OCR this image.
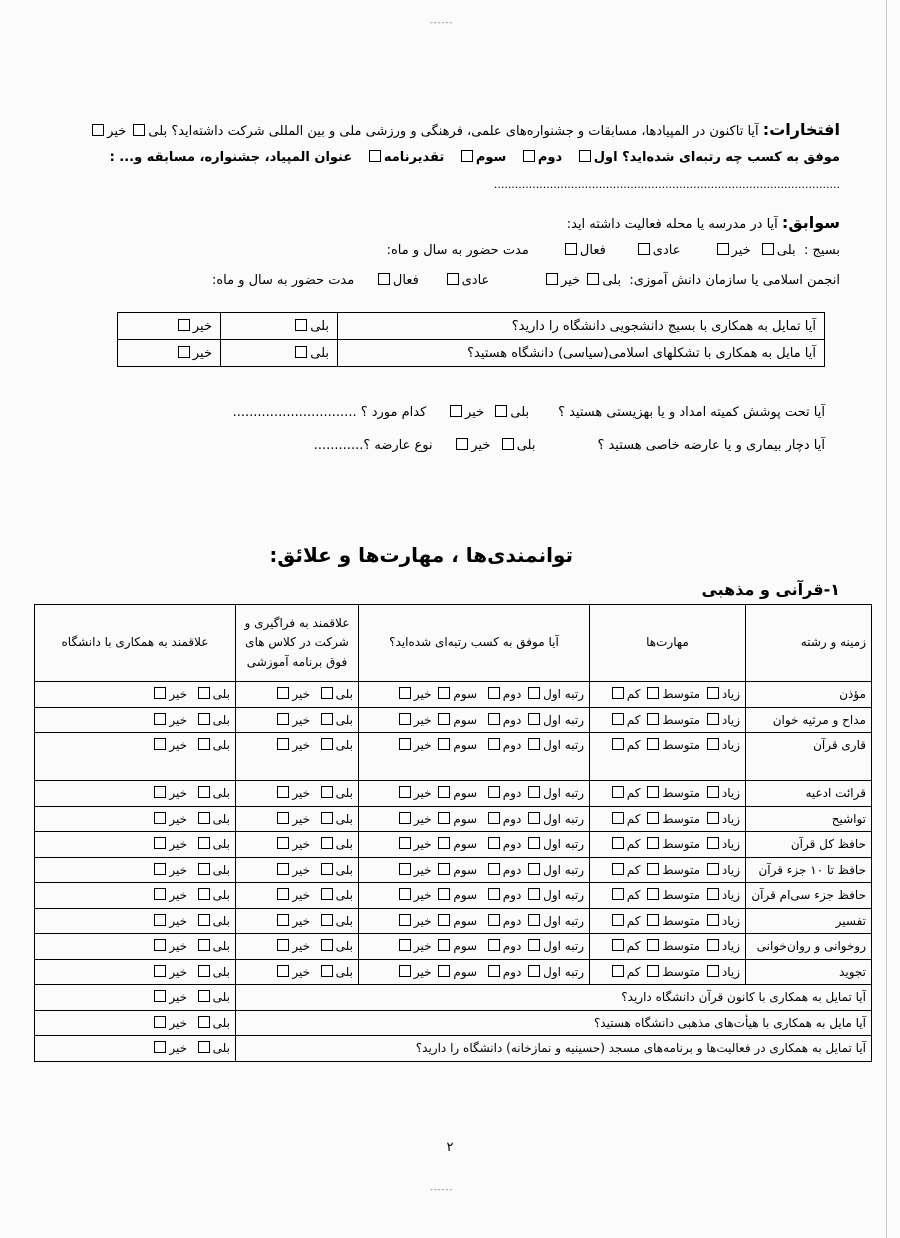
------
افتخارات: آیا تاکنون در المپیادها، مسابقات و جشنواره‌های علمی، فرهنگی و ورزشی ملی و بین المللی شرکت داشته‌اید؟ بلی خیر
موفق به کسب چه رتبه‌ای شده‌اید؟ اول   دوم   سوم   تقدیرنامه   عنوان المپیاد، جشنواره، مسابقه و... :
...................................................................................................
سوابق: آیا در مدرسه یا محله فعالیت داشته اید:
بسیج :  بلی  خیر        عادی       فعال        مدت حضور به سال و ماه:
انجمن اسلامی یا سازمان دانش آموزی:  بلی خیر             عادی      فعال     مدت حضور به سال و ماه:
آیا تمایل به همکاری با بسیج دانشجویی دانشگاه را دارید؟	بلی	خیر
آیا مایل به همکاری با تشکلهای اسلامی(سیاسی) دانشگاه هستید؟	بلی	خیر
آیا تحت پوشش کمیته امداد و یا بهزیستی هستید ؟       بلی  خیر     کدام مورد ؟ ..............................
آیا دچار بیماری و یا عارضه خاصی هستید ؟               بلی  خیر     نوع عارضه ؟............
توانمندی‌ها ، مهارت‌ها و علائق:
۱-قرآنی و مذهبی
زمینه و رشته	مهارت‌ها	آیا موفق به کسب رتبه‌ای شده‌اید؟	علاقمند به فراگیری و شرکت در کلاس های فوق برنامه آموزشی	علاقمند به همکاری با دانشگاه
مؤذن	زیاد متوسط کم	رتبه اول دوم  سوم خیر	بلی  خیر	بلی  خیر
مداح و مرثیه خوان	زیاد متوسط کم	رتبه اول دوم  سوم خیر	بلی  خیر	بلی  خیر
قاری قرآن	زیاد متوسط کم	رتبه اول دوم  سوم خیر	بلی  خیر	بلی  خیر
قرائت ادعیه	زیاد متوسط کم	رتبه اول دوم  سوم خیر	بلی  خیر	بلی  خیر
تواشیح	زیاد متوسط کم	رتبه اول دوم  سوم خیر	بلی  خیر	بلی  خیر
حافظ کل قرآن	زیاد متوسط کم	رتبه اول دوم  سوم خیر	بلی  خیر	بلی  خیر
حافظ تا ۱۰ جزء قرآن	زیاد متوسط کم	رتبه اول دوم  سوم خیر	بلی  خیر	بلی  خیر
حافظ جزء سی‌ام قرآن	زیاد متوسط کم	رتبه اول دوم  سوم خیر	بلی  خیر	بلی  خیر
تفسیر	زیاد متوسط کم	رتبه اول دوم  سوم خیر	بلی  خیر	بلی  خیر
روخوانی و روان‌خوانی	زیاد متوسط کم	رتبه اول دوم  سوم خیر	بلی  خیر	بلی  خیر
تجوید	زیاد متوسط کم	رتبه اول دوم  سوم خیر	بلی  خیر	بلی  خیر
آیا تمایل به همکاری با کانون قرآن دانشگاه دارید؟				بلی  خیر
آیا مایل به همکاری با هیأت‌های مذهبی دانشگاه هستید؟				بلی  خیر
آیا تمایل به همکاری در فعالیت‌ها و برنامه‌های مسجد (حسینیه و نمازخانه) دانشگاه را دارید؟				بلی  خیر
۲
------
